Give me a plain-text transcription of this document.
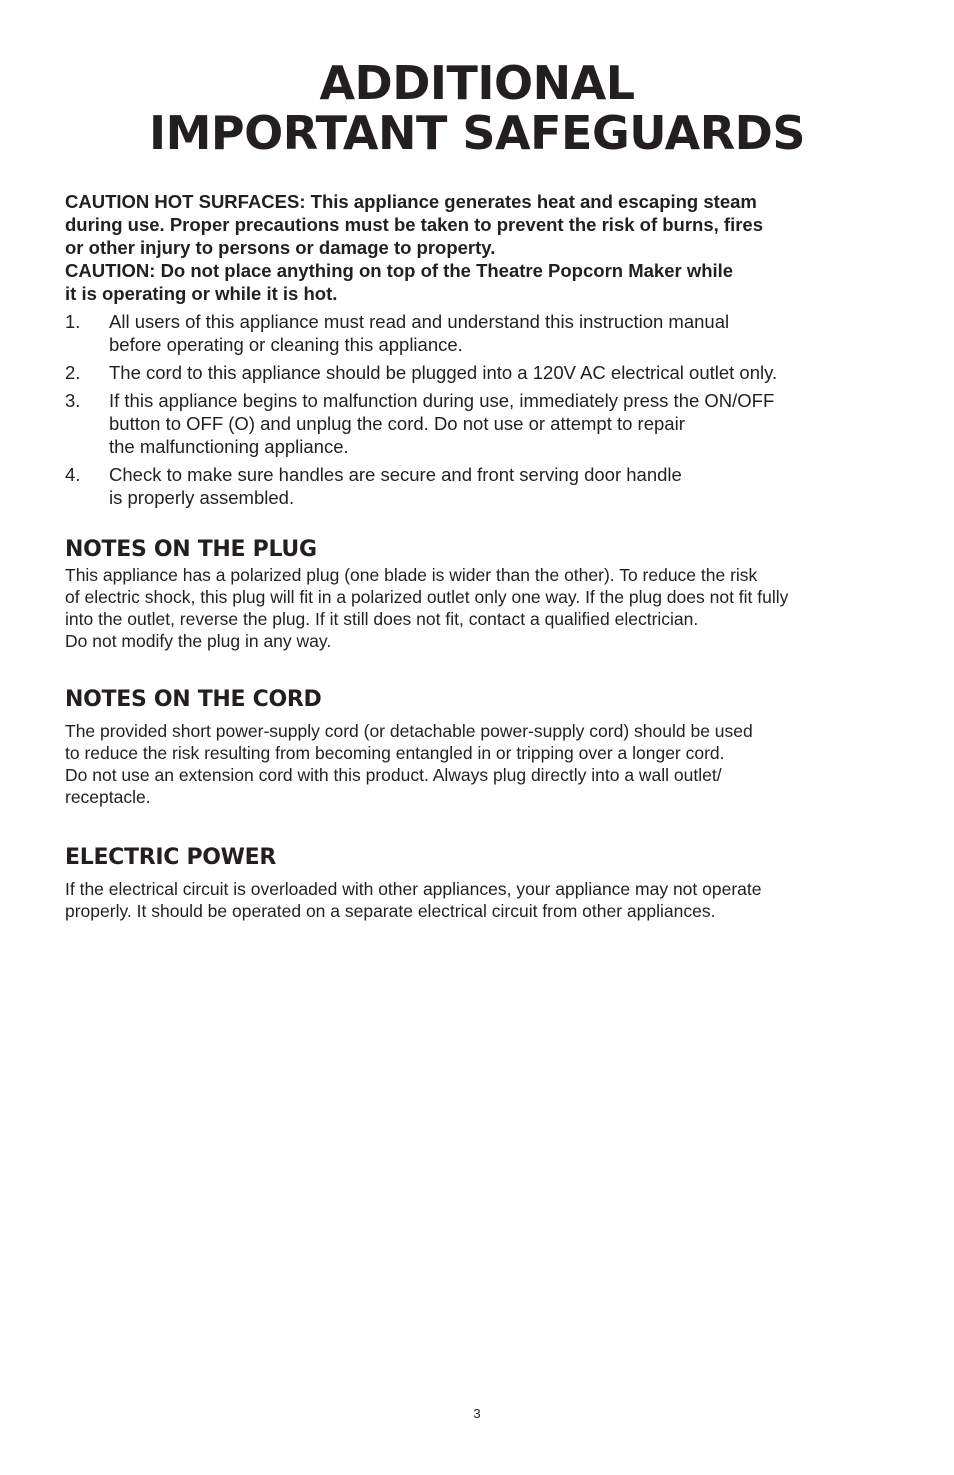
ADDITIONAL
IMPORTANT SAFEGUARDS

CAUTION HOT SURFACES: This appliance generates heat and escaping steam
during use. Proper precautions must be taken to prevent the risk of burns, fires
or other injury to persons or damage to property.

CAUTION: Do not place anything on top of the Theatre Popcorn Maker while
it is operating or while it is hot.

1. All users of this appliance must read and understand this instruction manual
before operating or cleaning this appliance.
2. The cord to this appliance should be plugged into a 120V AC electrical outlet only.
3. If this appliance begins to malfunction during use, immediately press the ON/OFF
button to OFF (O) and unplug the cord. Do not use or attempt to repair
the malfunctioning appliance.
4. Check to make sure handles are secure and front serving door handle
is properly assembled.
NOTES ON THE PLUG

This appliance has a polarized plug (one blade is wider than the other). To reduce the risk
of electric shock, this plug will fit in a polarized outlet only one way. If the plug does not fit fully
into the outlet, reverse the plug. If it still does not fit, contact a qualified electrician.
Do not modify the plug in any way.

NOTES ON THE CORD

The provided short power-supply cord (or detachable power-supply cord) should be used
to reduce the risk resulting from becoming entangled in or tripping over a longer cord.
Do not use an extension cord with this product. Always plug directly into a wall outlet/
receptacle.

ELECTRIC POWER

If the electrical circuit is overloaded with other appliances, your appliance may not operate
properly. It should be operated on a separate electrical circuit from other appliances.

3
